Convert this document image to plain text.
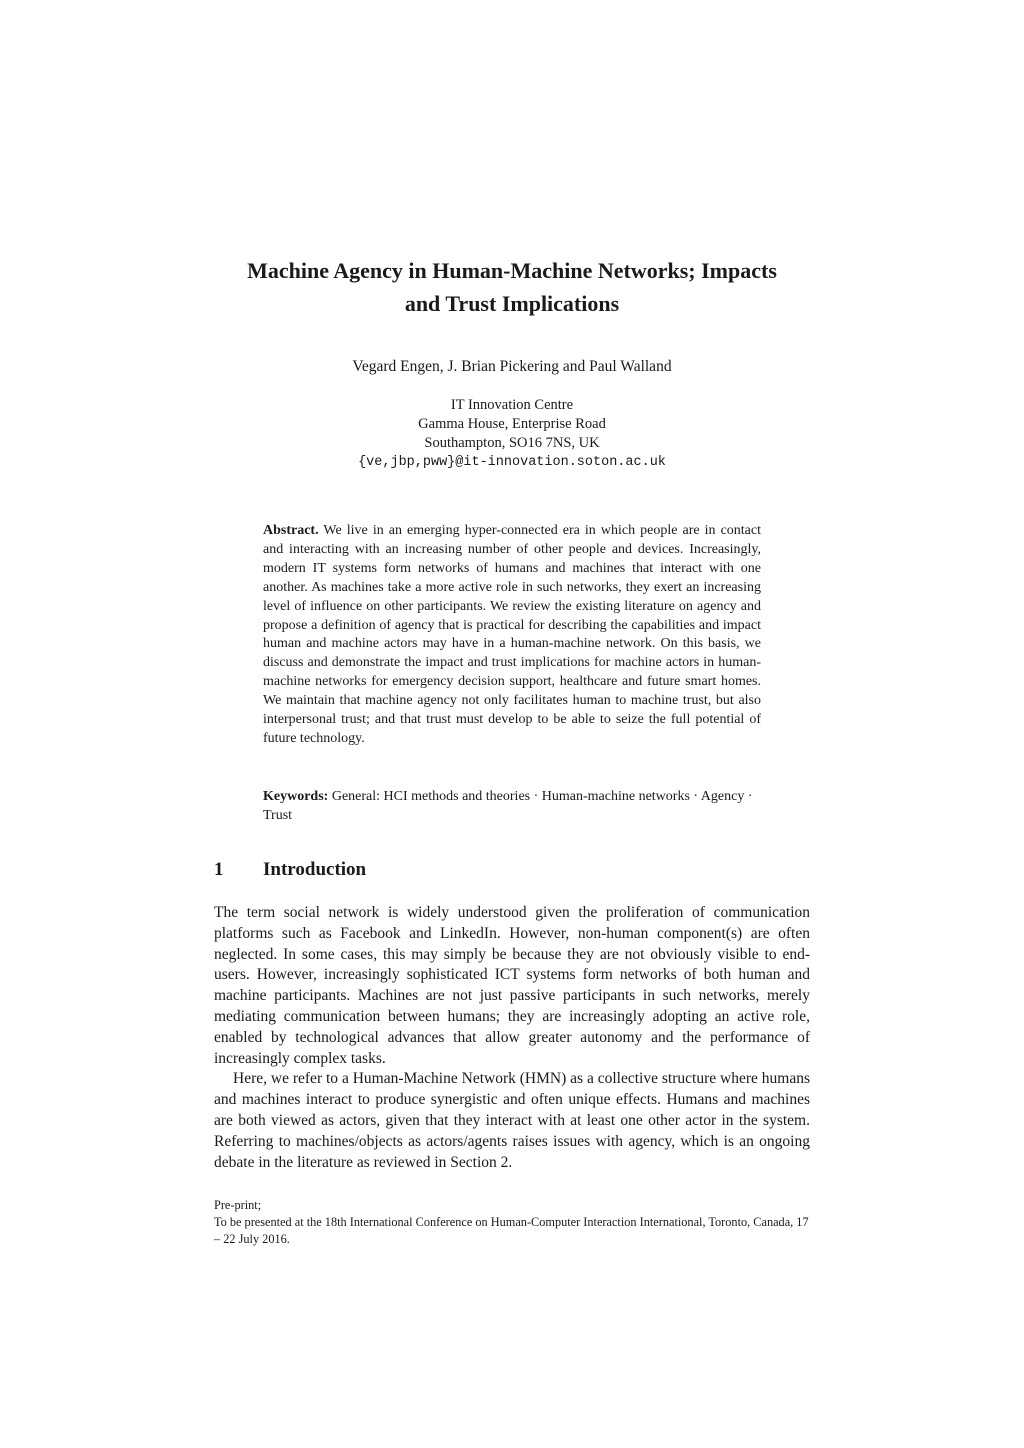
Machine Agency in Human-Machine Networks; Impacts
and Trust Implications
Vegard Engen, J. Brian Pickering and Paul Walland
IT Innovation Centre
Gamma House, Enterprise Road
Southampton, SO16 7NS, UK
{ve,jbp,pww}@it-innovation.soton.ac.uk

Abstract. We live in an emerging hyper-connected era in which people are in contact and interacting with an increasing number of other people and devices. Increasingly, modern IT systems form networks of humans and machines that interact with one another. As machines take a more active role in such networks, they exert an increasing level of influence on other participants. We review the existing literature on agency and propose a definition of agency that is practical for describing the capabilities and impact human and machine actors may have in a human-machine network. On this basis, we discuss and demonstrate the impact and trust implications for machine actors in human-machine networks for emergency decision support, healthcare and future smart homes. We maintain that machine agency not only facilitates human to machine trust, but also interpersonal trust; and that trust must develop to be able to seize the full potential of future technology.

Keywords: General: HCI methods and theories · Human-machine networks · Agency · Trust

1 Introduction

The term social network is widely understood given the proliferation of communication platforms such as Facebook and LinkedIn. However, non-human component(s) are often neglected. In some cases, this may simply be because they are not obviously visible to end-users. However, increasingly sophisticated ICT systems form networks of both human and machine participants. Machines are not just passive participants in such networks, merely mediating communication between humans; they are increasingly adopting an active role, enabled by technological advances that allow greater autonomy and the performance of increasingly complex tasks.

Here, we refer to a Human-Machine Network (HMN) as a collective structure where humans and machines interact to produce synergistic and often unique effects. Humans and machines are both viewed as actors, given that they interact with at least one other actor in the system. Referring to machines/objects as actors/agents raises issues with agency, which is an ongoing debate in the literature as reviewed in Section 2.

Pre-print;
To be presented at the 18th International Conference on Human-Computer Interaction International, Toronto, Canada, 17 – 22 July 2016.
